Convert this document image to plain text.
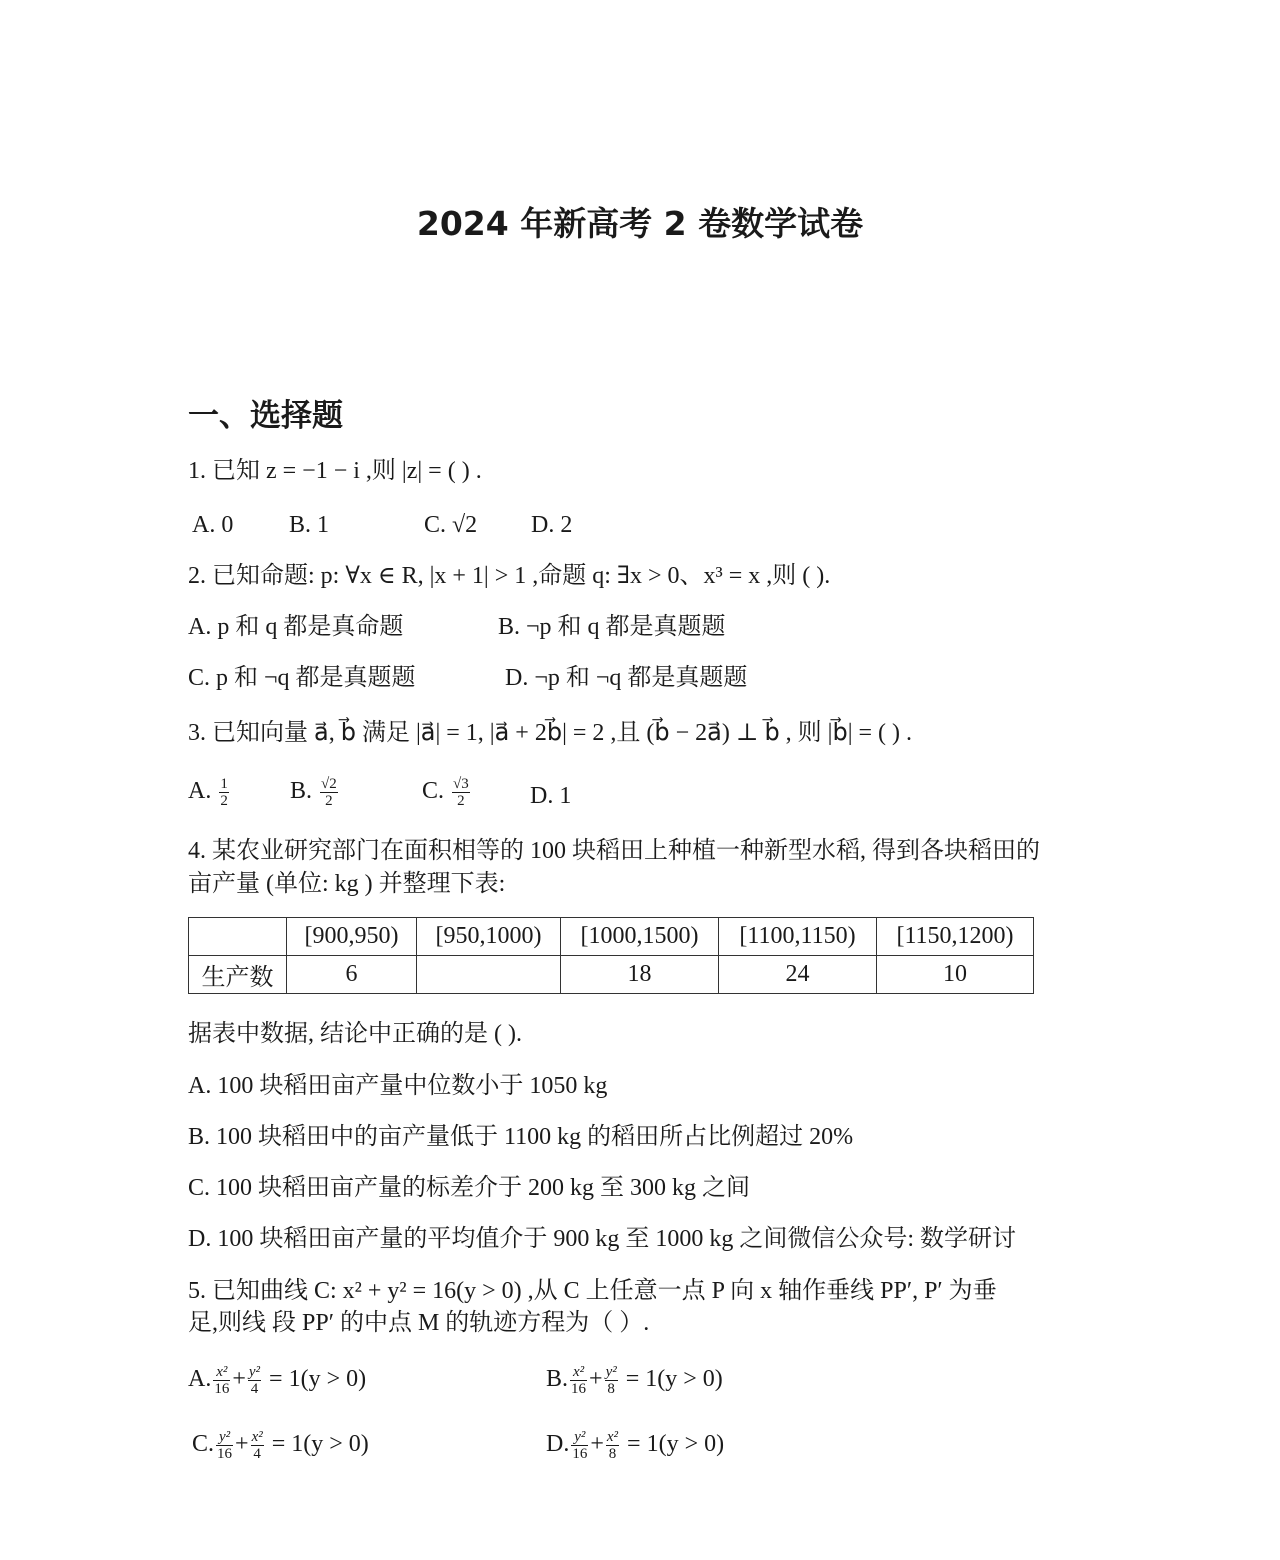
2024 年新高考 2 卷数学试卷
一、选择题
1. 已知 z = −1 − i ,则 |z| = ( ) .
A. 0 B. 1	C. √2 D. 2
2. 已知命题: p: ∀x ∈ R, |x + 1| > 1 ,命题 q: ∃x > 0、x³ = x ,则 ( ).
A. p 和 q 都是真命题	B. ¬p 和 q 都是真题题
C. p 和 ¬q 都是真题题	D. ¬p 和 ¬q 都是真题题
3. 已知向量 a⃗, b⃗ 满足 |a⃗| = 1, |a⃗ + 2b⃗| = 2 ,且 (b⃗ − 2a⃗) ⊥ b⃗ , 则 |b⃗| = ( ) .
A. $\frac{1}{2}$	B. $\frac{√2}{2}$	C. $\frac{√3}{2}$	D. 1
4. 某农业研究部门在面积相等的 100 块稻田上种植一种新型水稻, 得到各块稻田的
亩产量 (单位: kg ) 并整理下表:
	[900,950)	[950,1000)	[1000,1500)	[1100,1150)	[1150,1200)
生产数	6		18	24	10
据表中数据, 结论中正确的是 ( ).
A. 100 块稻田亩产量中位数小于 1050 kg
B. 100 块稻田中的亩产量低于 1100 kg 的稻田所占比例超过 20%
C. 100 块稻田亩产量的标差介于 200 kg 至 300 kg 之间
D. 100 块稻田亩产量的平均值介于 900 kg 至 1000 kg 之间微信公众号: 数学研讨
5. 已知曲线 C: x² + y² = 16(y > 0) ,从 C 上任意一点 P 向 x 轴作垂线 PP′, P′ 为垂
足,则线 段 PP′ 的中点 M 的轨迹方程为（ ）.
A. $\frac{\text{x²}}{16} + \frac{\text{y²}}{4} = 1(y > 0)$	B. $\frac{\text{x²}}{16} + \frac{\text{y²}}{8} = 1(y > 0)$
C. $\frac{\text{y²}}{16} + \frac{\text{x²}}{4} = 1(y > 0)$	D. $\frac{\text{y²}}{16} + \frac{\text{x²}}{8} = 1(y > 0)$
